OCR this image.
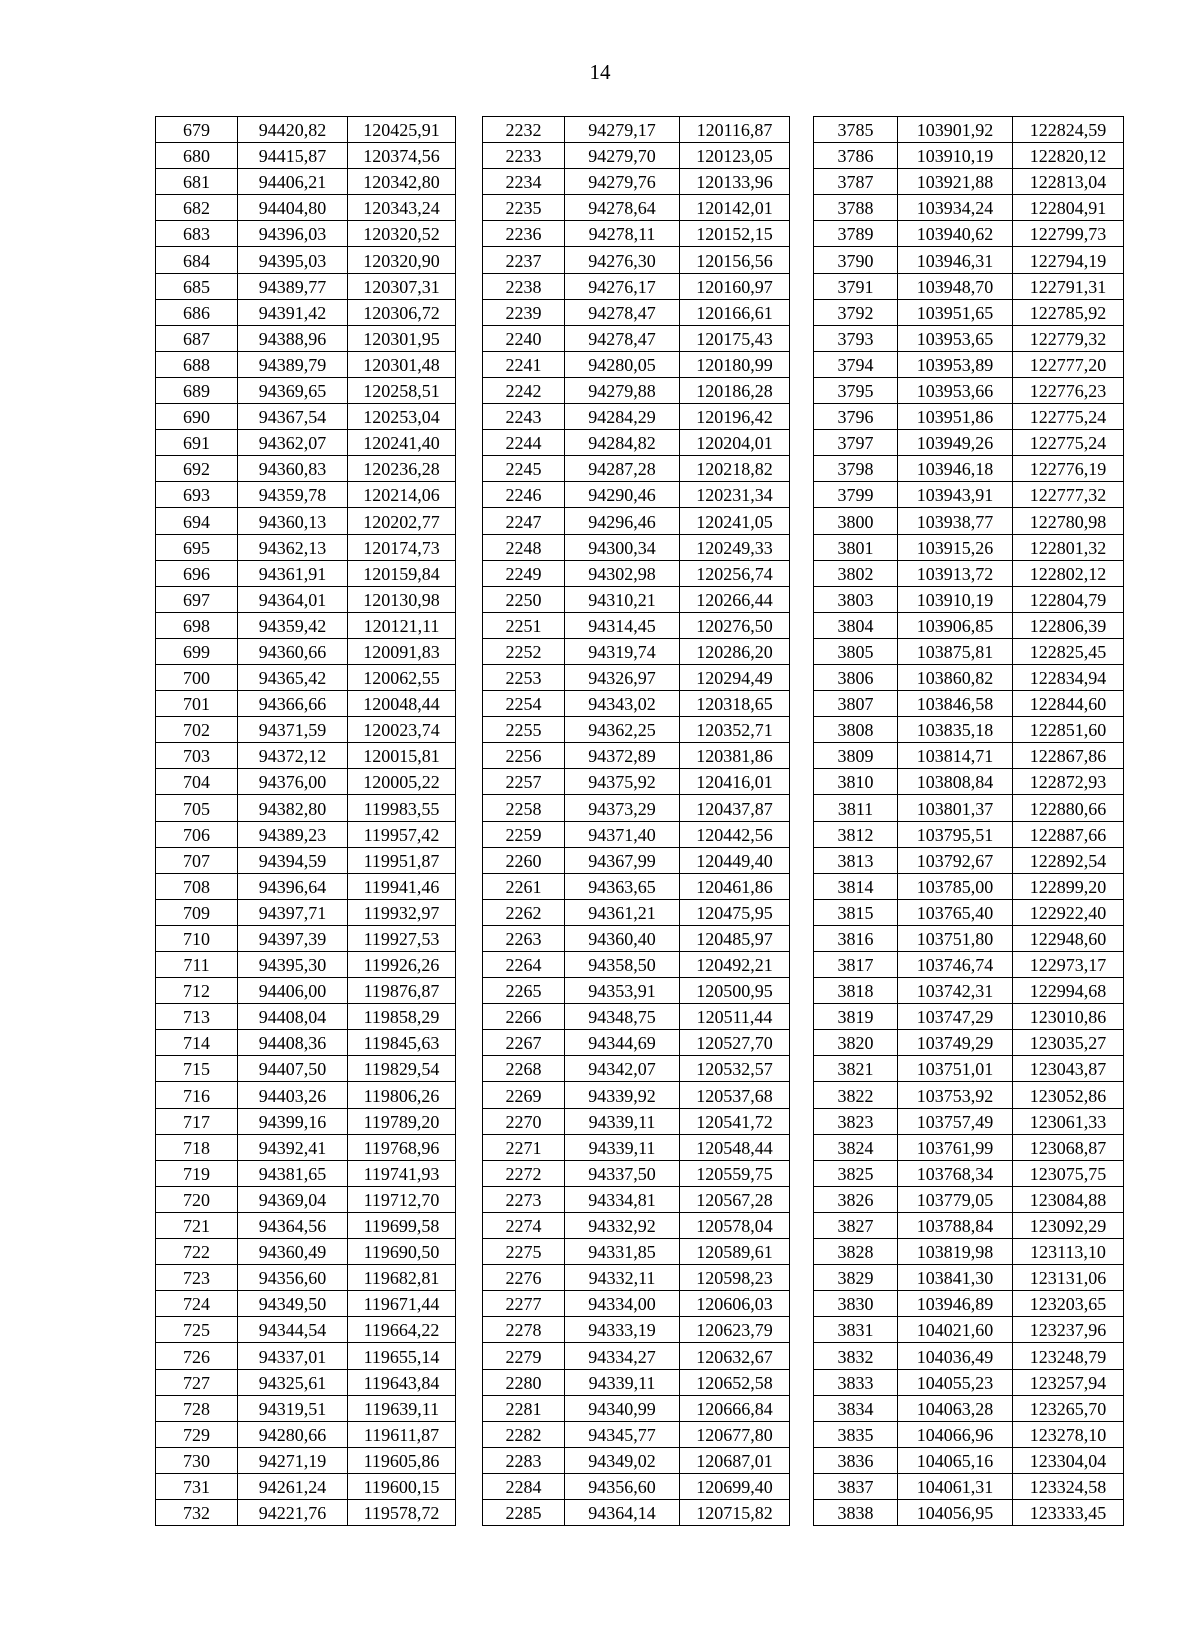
14
679	94420,82	120425,91
680	94415,87	120374,56
681	94406,21	120342,80
682	94404,80	120343,24
683	94396,03	120320,52
684	94395,03	120320,90
685	94389,77	120307,31
686	94391,42	120306,72
687	94388,96	120301,95
688	94389,79	120301,48
689	94369,65	120258,51
690	94367,54	120253,04
691	94362,07	120241,40
692	94360,83	120236,28
693	94359,78	120214,06
694	94360,13	120202,77
695	94362,13	120174,73
696	94361,91	120159,84
697	94364,01	120130,98
698	94359,42	120121,11
699	94360,66	120091,83
700	94365,42	120062,55
701	94366,66	120048,44
702	94371,59	120023,74
703	94372,12	120015,81
704	94376,00	120005,22
705	94382,80	119983,55
706	94389,23	119957,42
707	94394,59	119951,87
708	94396,64	119941,46
709	94397,71	119932,97
710	94397,39	119927,53
711	94395,30	119926,26
712	94406,00	119876,87
713	94408,04	119858,29
714	94408,36	119845,63
715	94407,50	119829,54
716	94403,26	119806,26
717	94399,16	119789,20
718	94392,41	119768,96
719	94381,65	119741,93
720	94369,04	119712,70
721	94364,56	119699,58
722	94360,49	119690,50
723	94356,60	119682,81
724	94349,50	119671,44
725	94344,54	119664,22
726	94337,01	119655,14
727	94325,61	119643,84
728	94319,51	119639,11
729	94280,66	119611,87
730	94271,19	119605,86
731	94261,24	119600,15
732	94221,76	119578,72
2232	94279,17	120116,87
2233	94279,70	120123,05
2234	94279,76	120133,96
2235	94278,64	120142,01
2236	94278,11	120152,15
2237	94276,30	120156,56
2238	94276,17	120160,97
2239	94278,47	120166,61
2240	94278,47	120175,43
2241	94280,05	120180,99
2242	94279,88	120186,28
2243	94284,29	120196,42
2244	94284,82	120204,01
2245	94287,28	120218,82
2246	94290,46	120231,34
2247	94296,46	120241,05
2248	94300,34	120249,33
2249	94302,98	120256,74
2250	94310,21	120266,44
2251	94314,45	120276,50
2252	94319,74	120286,20
2253	94326,97	120294,49
2254	94343,02	120318,65
2255	94362,25	120352,71
2256	94372,89	120381,86
2257	94375,92	120416,01
2258	94373,29	120437,87
2259	94371,40	120442,56
2260	94367,99	120449,40
2261	94363,65	120461,86
2262	94361,21	120475,95
2263	94360,40	120485,97
2264	94358,50	120492,21
2265	94353,91	120500,95
2266	94348,75	120511,44
2267	94344,69	120527,70
2268	94342,07	120532,57
2269	94339,92	120537,68
2270	94339,11	120541,72
2271	94339,11	120548,44
2272	94337,50	120559,75
2273	94334,81	120567,28
2274	94332,92	120578,04
2275	94331,85	120589,61
2276	94332,11	120598,23
2277	94334,00	120606,03
2278	94333,19	120623,79
2279	94334,27	120632,67
2280	94339,11	120652,58
2281	94340,99	120666,84
2282	94345,77	120677,80
2283	94349,02	120687,01
2284	94356,60	120699,40
2285	94364,14	120715,82
3785	103901,92	122824,59
3786	103910,19	122820,12
3787	103921,88	122813,04
3788	103934,24	122804,91
3789	103940,62	122799,73
3790	103946,31	122794,19
3791	103948,70	122791,31
3792	103951,65	122785,92
3793	103953,65	122779,32
3794	103953,89	122777,20
3795	103953,66	122776,23
3796	103951,86	122775,24
3797	103949,26	122775,24
3798	103946,18	122776,19
3799	103943,91	122777,32
3800	103938,77	122780,98
3801	103915,26	122801,32
3802	103913,72	122802,12
3803	103910,19	122804,79
3804	103906,85	122806,39
3805	103875,81	122825,45
3806	103860,82	122834,94
3807	103846,58	122844,60
3808	103835,18	122851,60
3809	103814,71	122867,86
3810	103808,84	122872,93
3811	103801,37	122880,66
3812	103795,51	122887,66
3813	103792,67	122892,54
3814	103785,00	122899,20
3815	103765,40	122922,40
3816	103751,80	122948,60
3817	103746,74	122973,17
3818	103742,31	122994,68
3819	103747,29	123010,86
3820	103749,29	123035,27
3821	103751,01	123043,87
3822	103753,92	123052,86
3823	103757,49	123061,33
3824	103761,99	123068,87
3825	103768,34	123075,75
3826	103779,05	123084,88
3827	103788,84	123092,29
3828	103819,98	123113,10
3829	103841,30	123131,06
3830	103946,89	123203,65
3831	104021,60	123237,96
3832	104036,49	123248,79
3833	104055,23	123257,94
3834	104063,28	123265,70
3835	104066,96	123278,10
3836	104065,16	123304,04
3837	104061,31	123324,58
3838	104056,95	123333,45
